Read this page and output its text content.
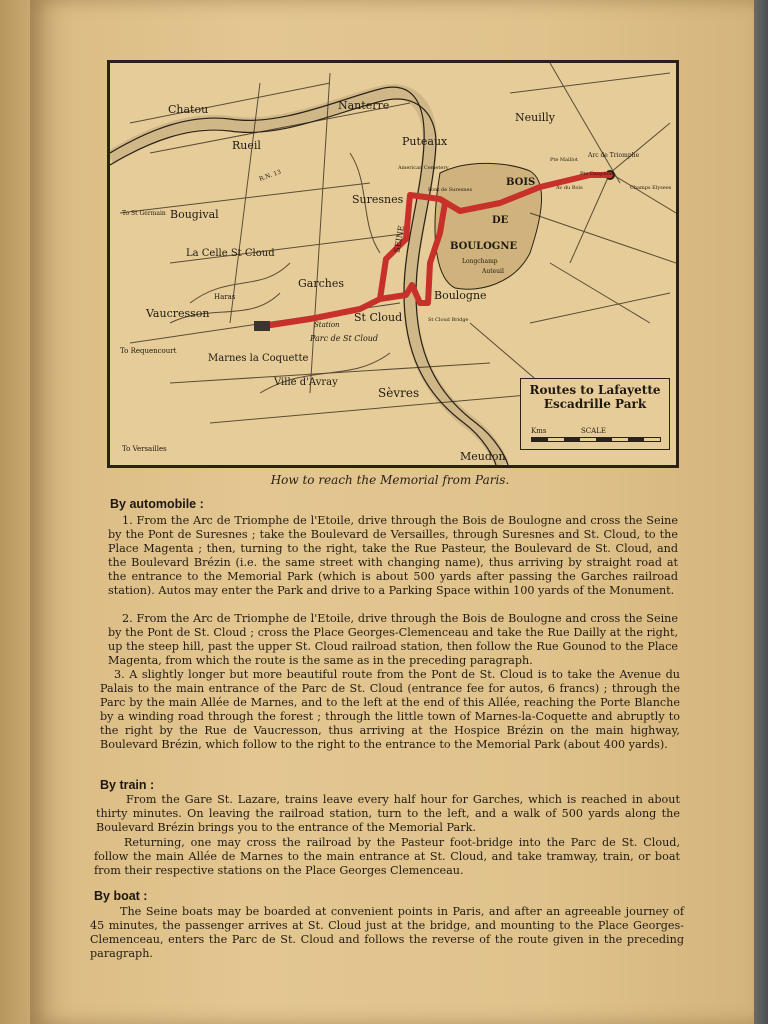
Chatou	Nanterre
Neuilly
Rueil	Puteaux
Arc de Triomphe
Suresnes
Bougival
La Celle St Cloud
Garches
Boulogne
Vaucresson	St Cloud
Marnes la Coquette
Ville d'Avray
Sèvres
Meudon
BOIS
DE
BOULOGNE
SEINE
Haras
To Versailles
To Requencourt
Station
Parc de St Cloud
St Cloud Bridge
Longchamp
Auteuil
American Cemetery
R.N. 13
Pont de Suresnes
To St Germain
Champs Elysees
Pte Maillot
Pte Dauphine
Av du Bois
Routes to Lafayette Escadrille Park
Kms	SCALE
How to reach the Memorial from Paris.
By automobile :

1. From the Arc de Triomphe de l'Etoile, drive through the Bois de Boulogne and cross the Seine by the Pont de Suresnes ; take the Boulevard de Versailles, through Suresnes and St. Cloud, to the Place Magenta ; then, turning to the right, take the Rue Pasteur, the Boulevard de St. Cloud, and the Boulevard Brézin (i.e. the same street with changing name), thus arriving by straight road at the entrance to the Memorial Park (which is about 500 yards after passing the Garches railroad station). Autos may enter the Park and drive to a Parking Space within 100 yards of the Monument.

2. From the Arc de Triomphe de l'Etoile, drive through the Bois de Boulogne and cross the Seine by the Pont de St. Cloud ; cross the Place Georges-Clemenceau and take the Rue Dailly at the right, up the steep hill, past the upper St. Cloud railroad station, then follow the Rue Gounod to the Place Magenta, from which the route is the same as in the preceding paragraph.

3. A slightly longer but more beautiful route from the Pont de St. Cloud is to take the Avenue du Palais to the main entrance of the Parc de St. Cloud (entrance fee for autos, 6 francs) ; through the Parc by the main Allée de Marnes, and to the left at the end of this Allée, reaching the Porte Blanche by a winding road through the forest ; through the little town of Marnes-la-Coquette and abruptly to the right by the Rue de Vaucresson, thus arriving at the Hospice Brézin on the main highway, Boulevard Brézin, which follow to the right to the entrance to the Memorial Park (about 400 yards).

By train :

From the Gare St. Lazare, trains leave every half hour for Garches, which is reached in about thirty minutes. On leaving the railroad station, turn to the left, and a walk of 500 yards along the Boulevard Brézin brings you to the entrance of the Memorial Park.

Returning, one may cross the railroad by the Pasteur foot-bridge into the Parc de St. Cloud, follow the main Allée de Marnes to the main entrance at St. Cloud, and take tramway, train, or boat from their respective stations on the Place Georges Clemenceau.

By boat :

The Seine boats may be boarded at convenient points in Paris, and after an agreeable journey of 45 minutes, the passenger arrives at St. Cloud just at the bridge, and mounting to the Place Georges-Clemenceau, enters the Parc de St. Cloud and follows the reverse of the route given in the preceding paragraph.
